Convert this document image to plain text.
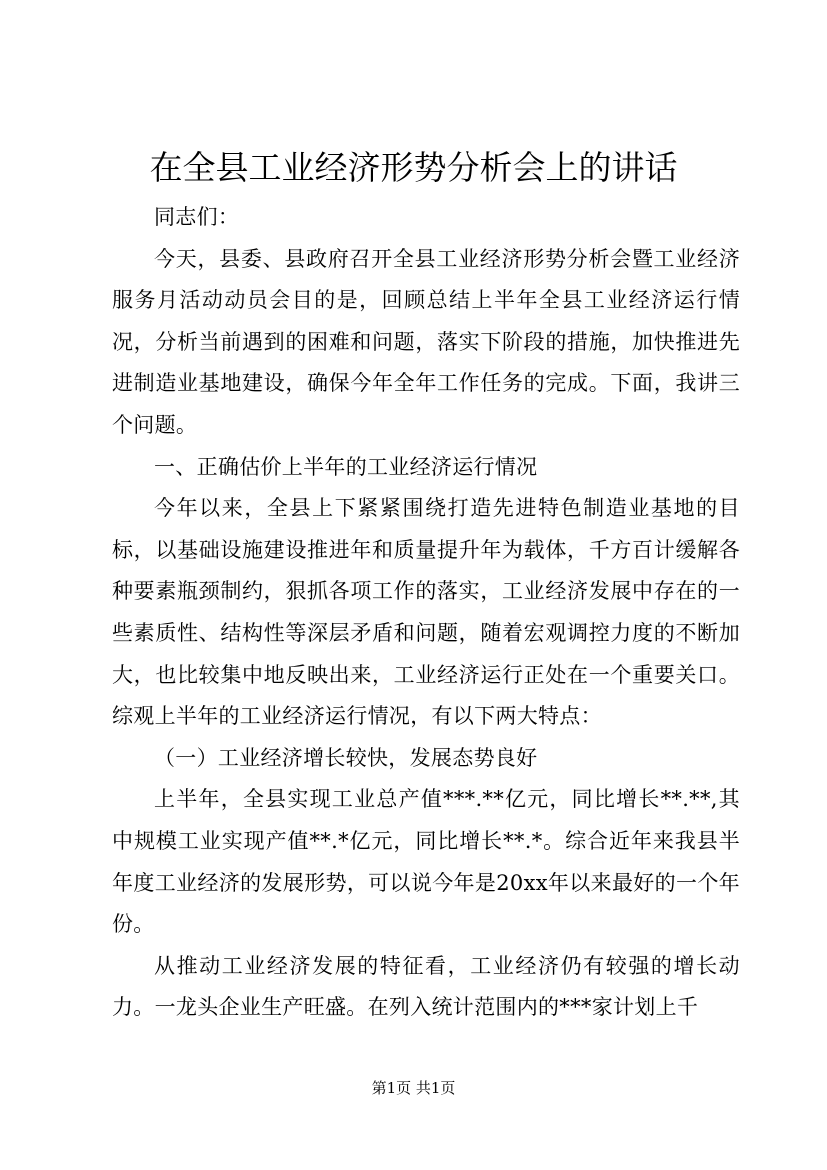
在全县工业经济形势分析会上的讲话

同志们：

今天，县委、县政府召开全县工业经济形势分析会暨工业经济服务月活动动员会目的是，回顾总结上半年全县工业经济运行情况，分析当前遇到的困难和问题，落实下阶段的措施，加快推进先进制造业基地建设，确保今年全年工作任务的完成。下面，我讲三个问题。

一、正确估价上半年的工业经济运行情况

今年以来，全县上下紧紧围绕打造先进特色制造业基地的目标，以基础设施建设推进年和质量提升年为载体，千方百计缓解各种要素瓶颈制约，狠抓各项工作的落实，工业经济发展中存在的一些素质性、结构性等深层矛盾和问题，随着宏观调控力度的不断加大，也比较集中地反映出来，工业经济运行正处在一个重要关口。综观上半年的工业经济运行情况，有以下两大特点：

（一）工业经济增长较快，发展态势良好

上半年，全县实现工业总产值***.**亿元，同比增长**.**,其中规模工业实现产值**.*亿元，同比增长**.*。综合近年来我县半年度工业经济的发展形势，可以说今年是20xx年以来最好的一个年份。

从推动工业经济发展的特征看，工业经济仍有较强的增长动力。一龙头企业生产旺盛。在列入统计范围内的***家计划上千

第1页 共1页
